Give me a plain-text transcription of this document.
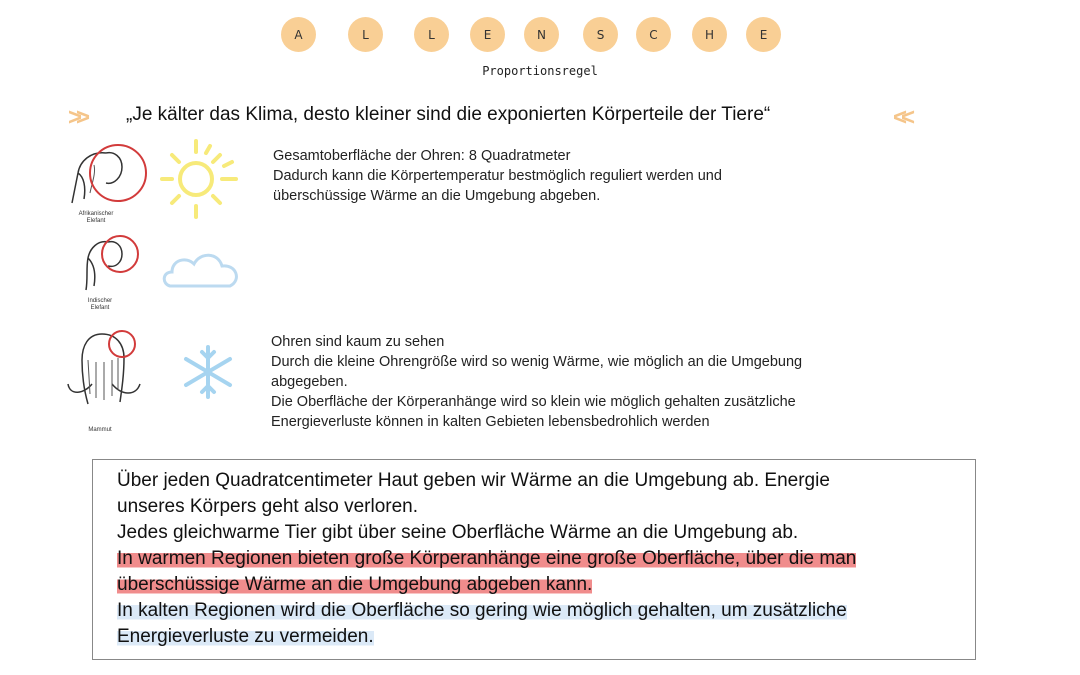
A	L	L	E	N	S	C	H	E
Proportionsregel
>> „Je kälter das Klima, desto kleiner sind die exponierten Körperteile der Tiere“	<<
Afrikanischer Elefant
Gesamtoberfläche der Ohren: 8 Quadratmeter
Dadurch kann die Körpertemperatur bestmöglich reguliert werden und
überschüssige Wärme an die Umgebung abgeben.
Indischer Elefant
Mammut
Ohren sind kaum zu sehen
Durch die kleine Ohrengröße wird so wenig Wärme, wie möglich an die Umgebung
abgegeben.
Die Oberfläche der Körperanhänge wird so klein wie möglich gehalten zusätzliche
Energieverluste können in kalten Gebieten lebensbedrohlich werden
Über jeden Quadratcentimeter Haut geben wir Wärme an die Umgebung ab. Energie
unseres Körpers geht also verloren.
Jedes gleichwarme Tier gibt über seine Oberfläche Wärme an die Umgebung ab.
In warmen Regionen bieten große Körperanhänge eine große Oberfläche, über die man
überschüssige Wärme an die Umgebung abgeben kann.
In kalten Regionen wird die Oberfläche so gering wie möglich gehalten, um zusätzliche
Energieverluste zu vermeiden.
